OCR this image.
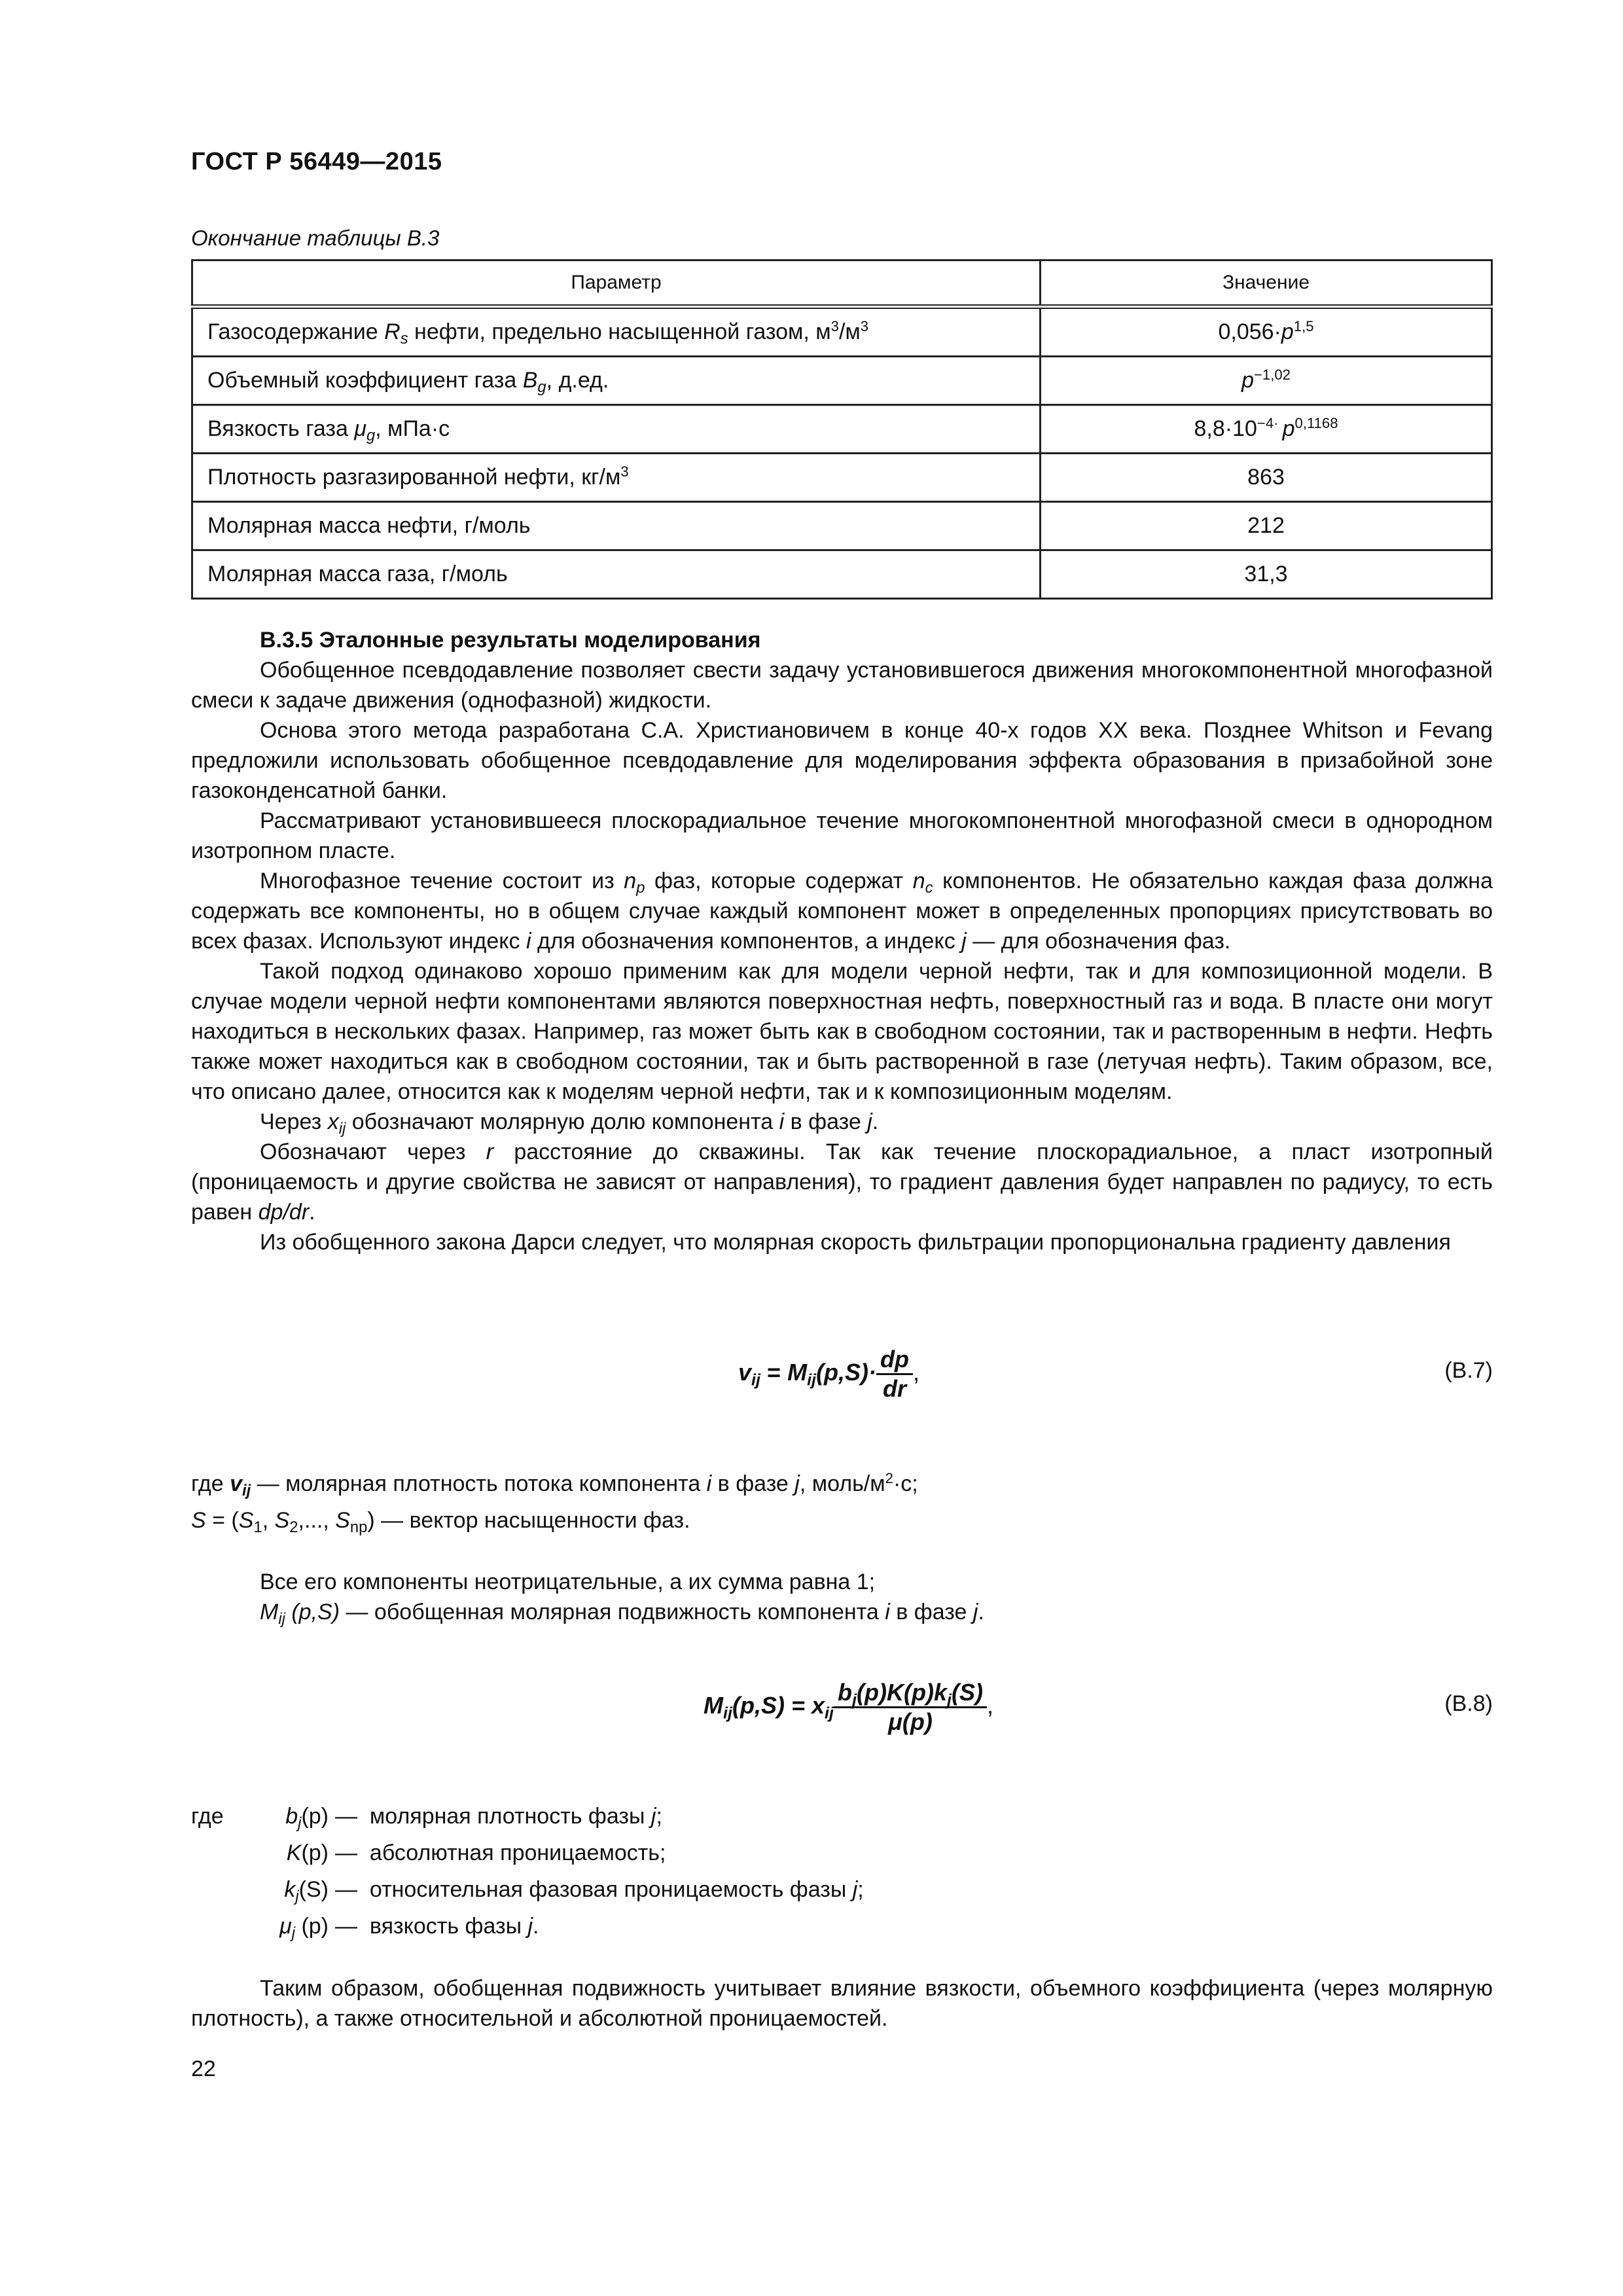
ГОСТ Р 56449—2015
Окончание таблицы В.3
Параметр	Значение
Газосодержание $R_s$ нефти, предельно насыщенной газом, $м^3/м^3$	$0,056\cdot p^{1,5}$
Объемный коэффициент газа $B_g$, д.ед.	$p^{-1,02}$
Вязкость газа $\mu_g$, мПа·с	$8,8\cdot 10^{-4\cdot}$ $p^{0,1168}$
Плотность разгазированной нефти, $кг/м^3$	863
Молярная масса нефти, г/моль	212
Молярная масса газа, г/моль	31,3
В.3.5 Эталонные результаты моделирования

Обобщенное псевдодавление позволяет свести задачу установившегося движения многокомпонентной многофазной смеси к задаче движения (однофазной) жидкости.

Основа этого метода разработана С.А. Христиановичем в конце 40-х годов XX века. Позднее Whitson и Fevang предложили использовать обобщенное псевдодавление для моделирования эффекта образования в призабойной зоне газоконденсатной банки.

Рассматривают установившееся плоскорадиальное течение многокомпонентной многофазной смеси в однородном изотропном пласте.

Многофазное течение состоит из $n_p$ фаз, которые содержат $n_c$ компонентов. Не обязательно каждая фаза должна содержать все компоненты, но в общем случае каждый компонент может в определенных пропорциях присутствовать во всех фазах. Используют индекс i для обозначения компонентов, а индекс j — для обозначения фаз.

Такой подход одинаково хорошо применим как для модели черной нефти, так и для композиционной модели. В случае модели черной нефти компонентами являются поверхностная нефть, поверхностный газ и вода. В пласте они могут находиться в нескольких фазах. Например, газ может быть как в свободном состоянии, так и растворенным в нефти. Нефть также может находиться как в свободном состоянии, так и быть растворенной в газе (летучая нефть). Таким образом, все, что описано далее, относится как к моделям черной нефти, так и к композиционным моделям.

Через $x_{ij}$ обозначают молярную долю компонента i в фазе j.

Обозначают через r расстояние до скважины. Так как течение плоскорадиальное, а пласт изотропный (проницаемость и другие свойства не зависят от направления), то градиент давления будет направлен по радиусу, то есть равен dp/dr.

Из обобщенного закона Дарси следует, что молярная скорость фильтрации пропорциональна градиенту давления

$v_{ij} = M_{ij}(p,S)\cdot \frac{dp}{dr}$ ,	(В.7)
где $v_{ij}$ — молярная плотность потока компонента i в фазе j, моль/$м^2\cdot с$;
$S = (S_1$, $S_2$,..., $S_{np}$) — вектор насыщенности фаз.
Все его компоненты неотрицательные, а их сумма равна 1;
$M_{ij}$ (p,S) — обобщенная молярная подвижность компонента i в фазе j.
$M_{ij}(p,S) = x_{ij} \frac{b_j(p)K(p)k_j(S)}{\mu(p)}$ ,	(В.8)
где	$b_j(p)$ — молярная плотность фазы j;
K(p) — абсолютная проницаемость;
$k_j(S)$ — относительная фазовая проницаемость фазы j;
$\mu_j$ (p) — вязкость фазы j.
Таким образом, обобщенная подвижность учитывает влияние вязкости, объемного коэффициента (через молярную плотность), а также относительной и абсолютной проницаемостей.
22
